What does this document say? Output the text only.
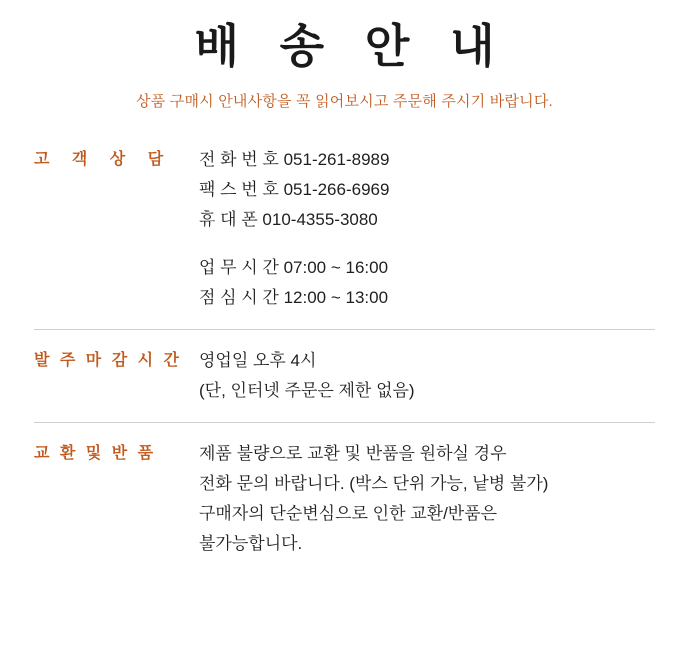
배 송 안 내

상품 구매시 안내사항을 꼭 읽어보시고 주문해 주시기 바랍니다.

고 객 상 담	전 화 번 호 051-261-8989
팩 스 번 호 051-266-6969
휴 대 폰 010-4355-3080
업 무 시 간 07:00 ~ 16:00
점 심 시 간 12:00 ~ 13:00
발 주 마 감 시 간	영업일 오후 4시
(단, 인터넷 주문은 제한 없음)
교 환 및 반 품	제품 불량으로 교환 및 반품을 원하실 경우
전화 문의 바랍니다. (박스 단위 가능, 낱병 불가)
구매자의 단순변심으로 인한 교환/반품은
불가능합니다.
